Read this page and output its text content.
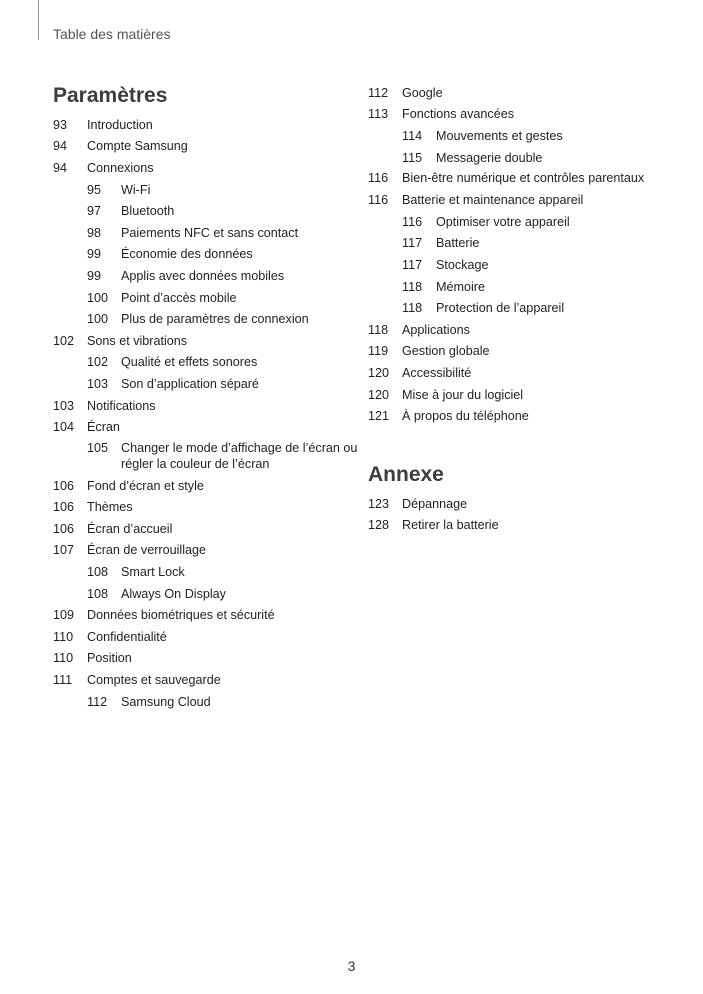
Table des matières
Paramètres
93	Introduction
94	Compte Samsung
94	Connexions
95	Wi-Fi
97	Bluetooth
98	Paiements NFC et sans contact
99	Économie des données
99	Applis avec données mobiles
100	Point d’accès mobile
100	Plus de paramètres de connexion
102	Sons et vibrations
102	Qualité et effets sonores
103	Son d’application séparé
103	Notifications
104	Écran
105	Changer le mode d’affichage de l’écran ou régler la couleur de l’écran
106	Fond d’écran et style
106	Thèmes
106	Écran d’accueil
107	Écran de verrouillage
108	Smart Lock
108	Always On Display
109	Données biométriques et sécurité
110	Confidentialité
110	Position
111	Comptes et sauvegarde
112	Samsung Cloud
112	Google
113	Fonctions avancées
114	Mouvements et gestes
115	Messagerie double
116	Bien-être numérique et contrôles parentaux
116	Batterie et maintenance appareil
116	Optimiser votre appareil
117	Batterie
117	Stockage
118	Mémoire
118	Protection de l’appareil
118	Applications
119	Gestion globale
120	Accessibilité
120	Mise à jour du logiciel
121	À propos du téléphone
Annexe
123	Dépannage
128	Retirer la batterie
3
